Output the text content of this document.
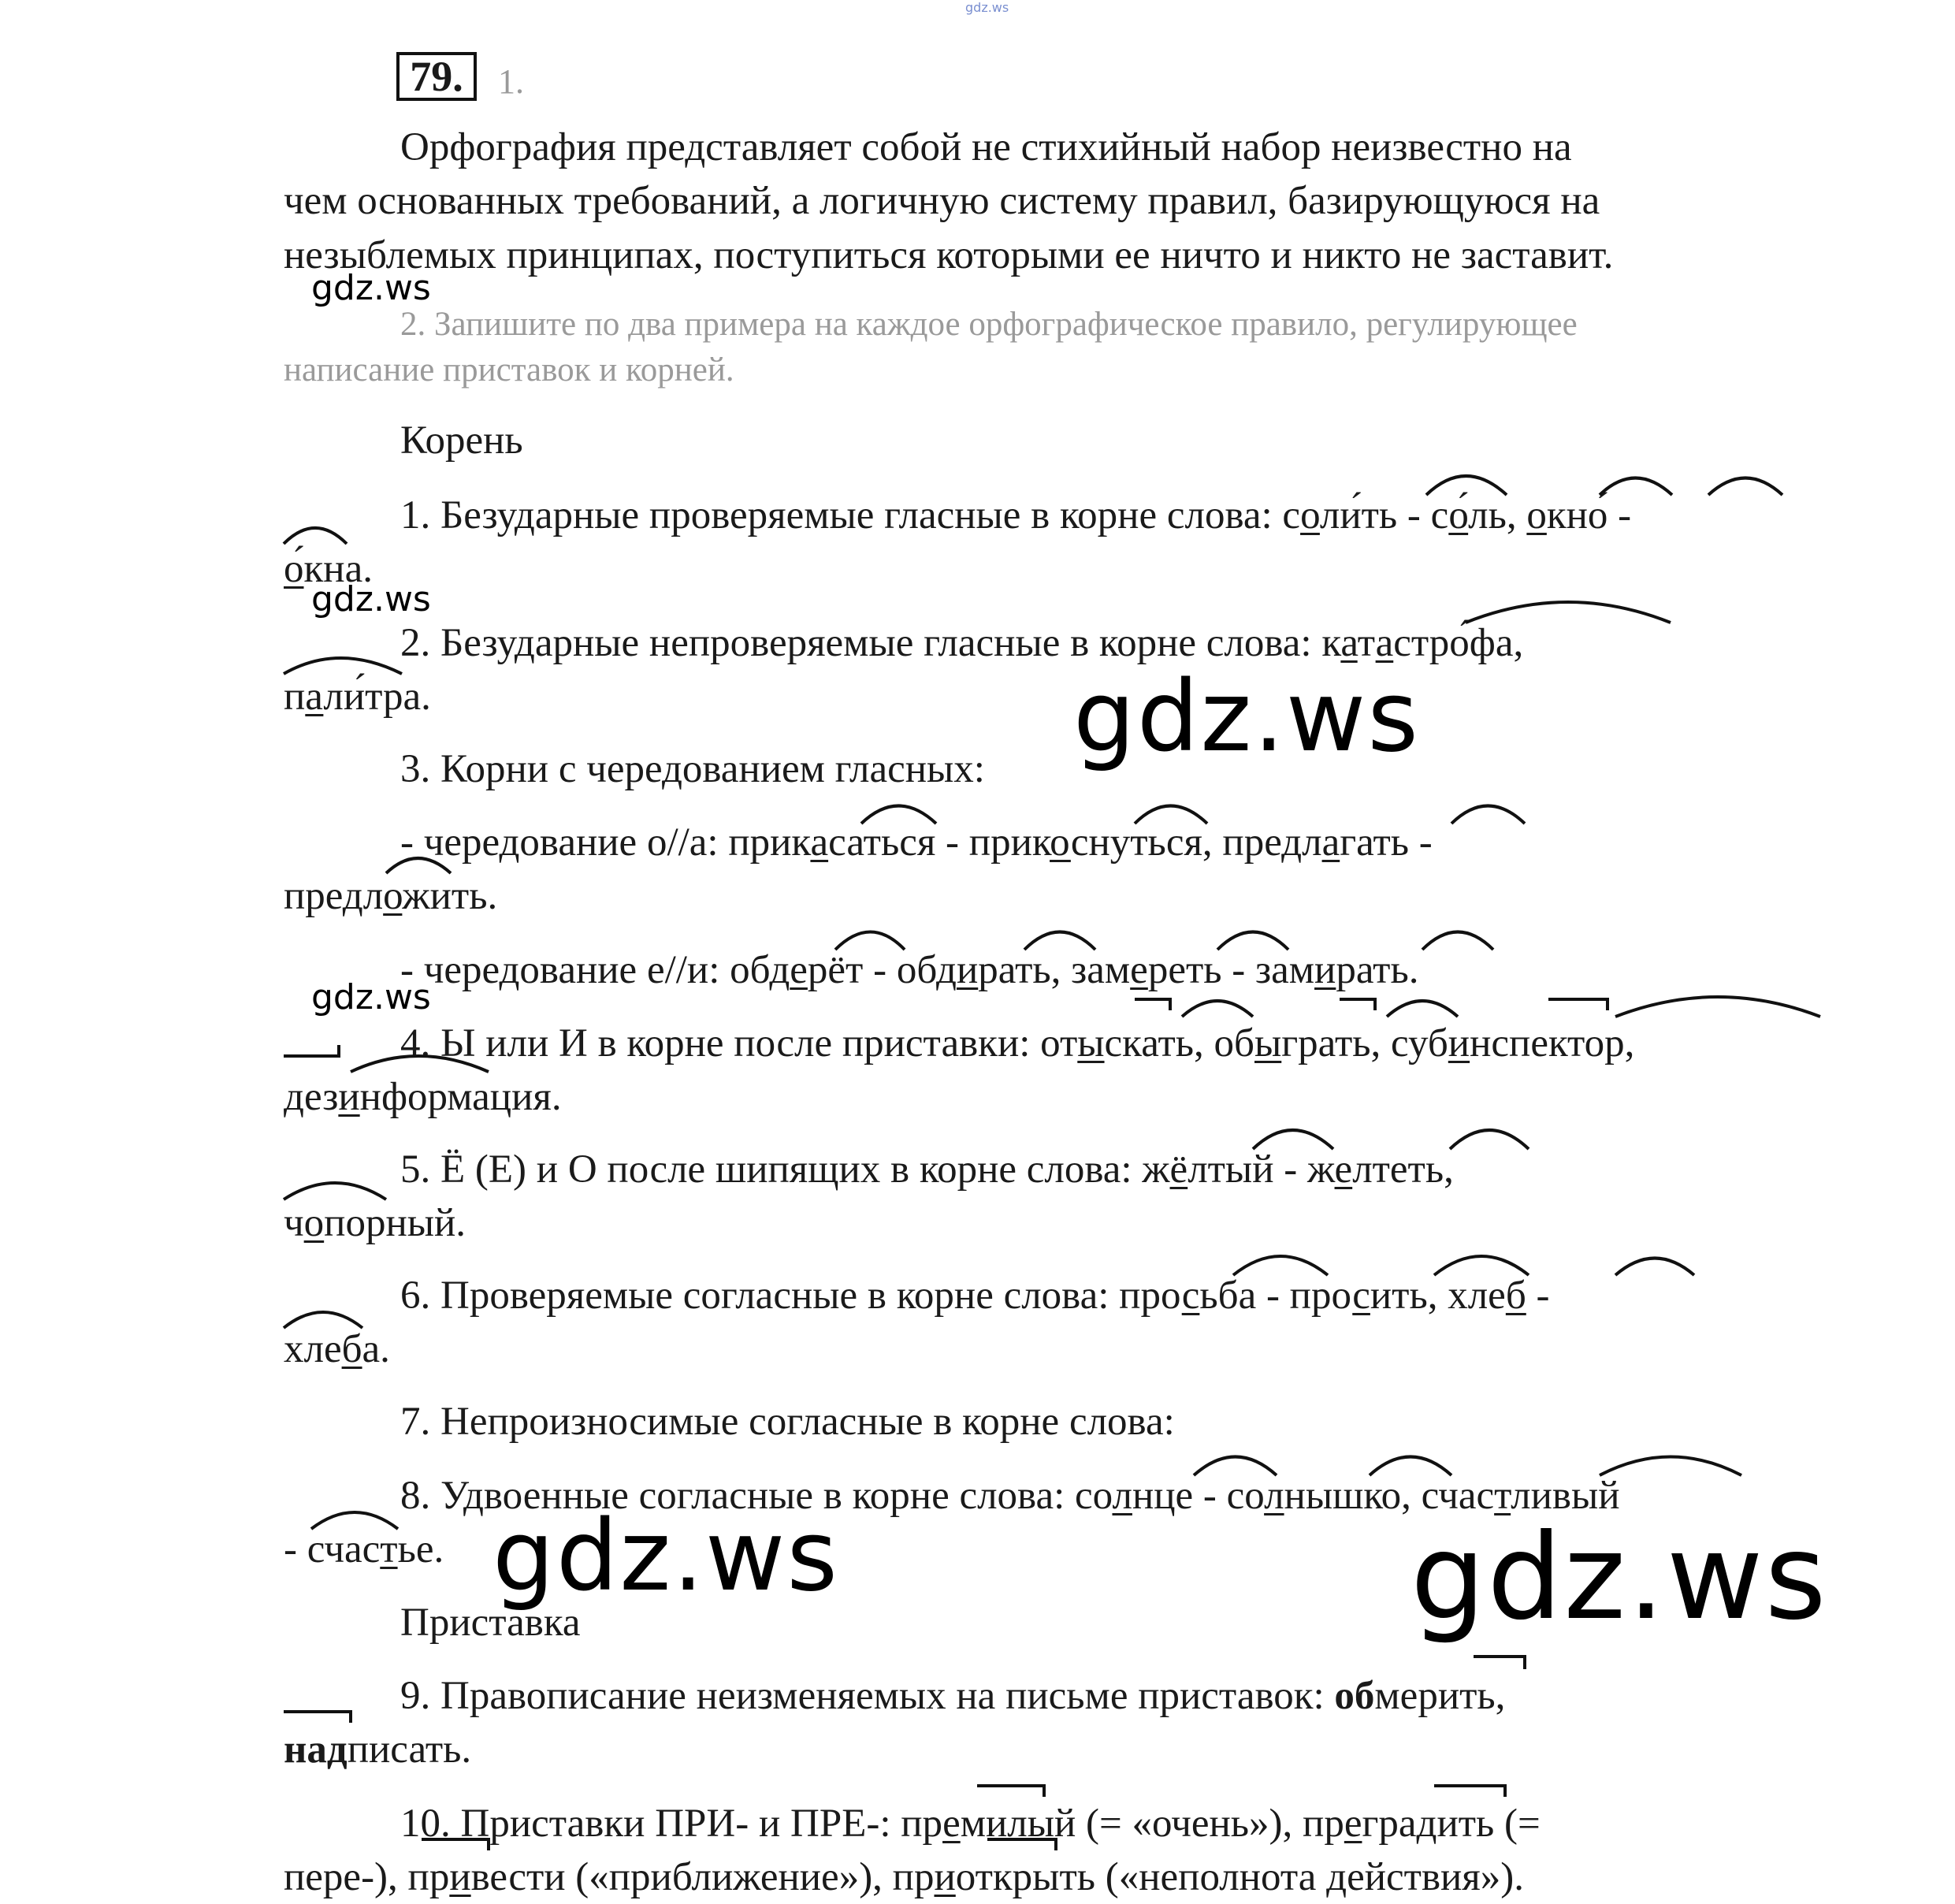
gdz.ws
79.	1.
Орфография представляет собой не стихийный набор неизвестно на
чем основанных требований, а логичную систему правил, базирующуюся на
незыблемых принципах, поступиться которыми ее ничто и никто не заставит.
2. Запишите по два примера на каждое орфографическое правило, регулирующее
написание приставок и корней.
Корень
1. Безударные проверяемые гласные в корне слова: соли́ть - со́ль, окно́ -
о́кна.
2. Безударные непроверяемые гласные в корне слова: катастро́фа,
пали́тра.
3. Корни с чередованием гласных:
- чередование о//а: прикасаться - прикоснуться, предлагать -
предложить.
- чередование е//и: обдерёт - обдирать, замереть - замирать.
4. Ы или И в корне после приставки: отыскать, обыграть, субинспектор,
дезинформация.
5. Ё (Е) и О после шипящих в корне слова: жёлтый - желтеть,
чопорный.
6. Проверяемые согласные в корне слова: просьба - просить, хлеб -
хлеба.
7. Непроизносимые согласные в корне слова:
8. Удвоенные согласные в корне слова: солнце - солнышко, счастливый
- счастье.
Приставка
9. Правописание неизменяемых на письме приставок: обмерить,
надписать.
10. Приставки ПРИ- и ПРЕ-: премилый (= «очень»), преградить (=
пере-), привести («приближение»), приоткрыть («неполнота действия»).
gdz.ws
gdz.ws
gdz.ws
gdz.ws
gdz.ws	gdz.ws
